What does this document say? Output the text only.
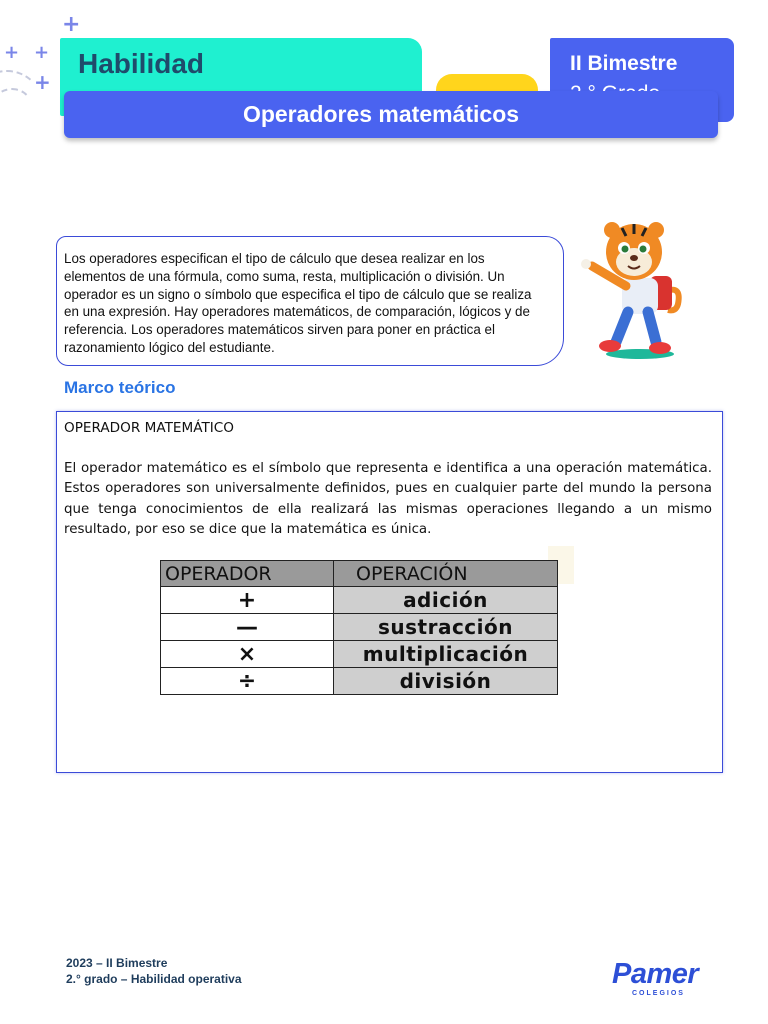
+
+ +
+
Habilidad	II Bimestre
Operadores matemáticos
Los operadores especifican el tipo de cálculo que desea realizar en los elementos de una fórmula, como suma, resta, multiplicación o división. Un operador es un signo o símbolo que especifica el tipo de cálculo que se realiza en una expresión. Hay operadores matemáticos, de comparación, lógicos y de referencia. Los operadores matemáticos sirven para poner en práctica el razonamiento lógico del estudiante.
Marco teórico
OPERADOR MATEMÁTICO
El operador matemático es el símbolo que representa e identifica a una operación matemática. Estos operadores son universalmente definidos, pues en cualquier parte del mundo la persona que tenga conocimientos de ella realizará las mismas operaciones llegando a un mismo resultado, por eso se dice que la matemática es única.
OPERADOR	OPERACIÓN
+	adición
—	sustracción
×	multiplicación
÷	división
2023 – II Bimestre
2.° grado – Habilidad operativa	Pamer
COLEGIOS
